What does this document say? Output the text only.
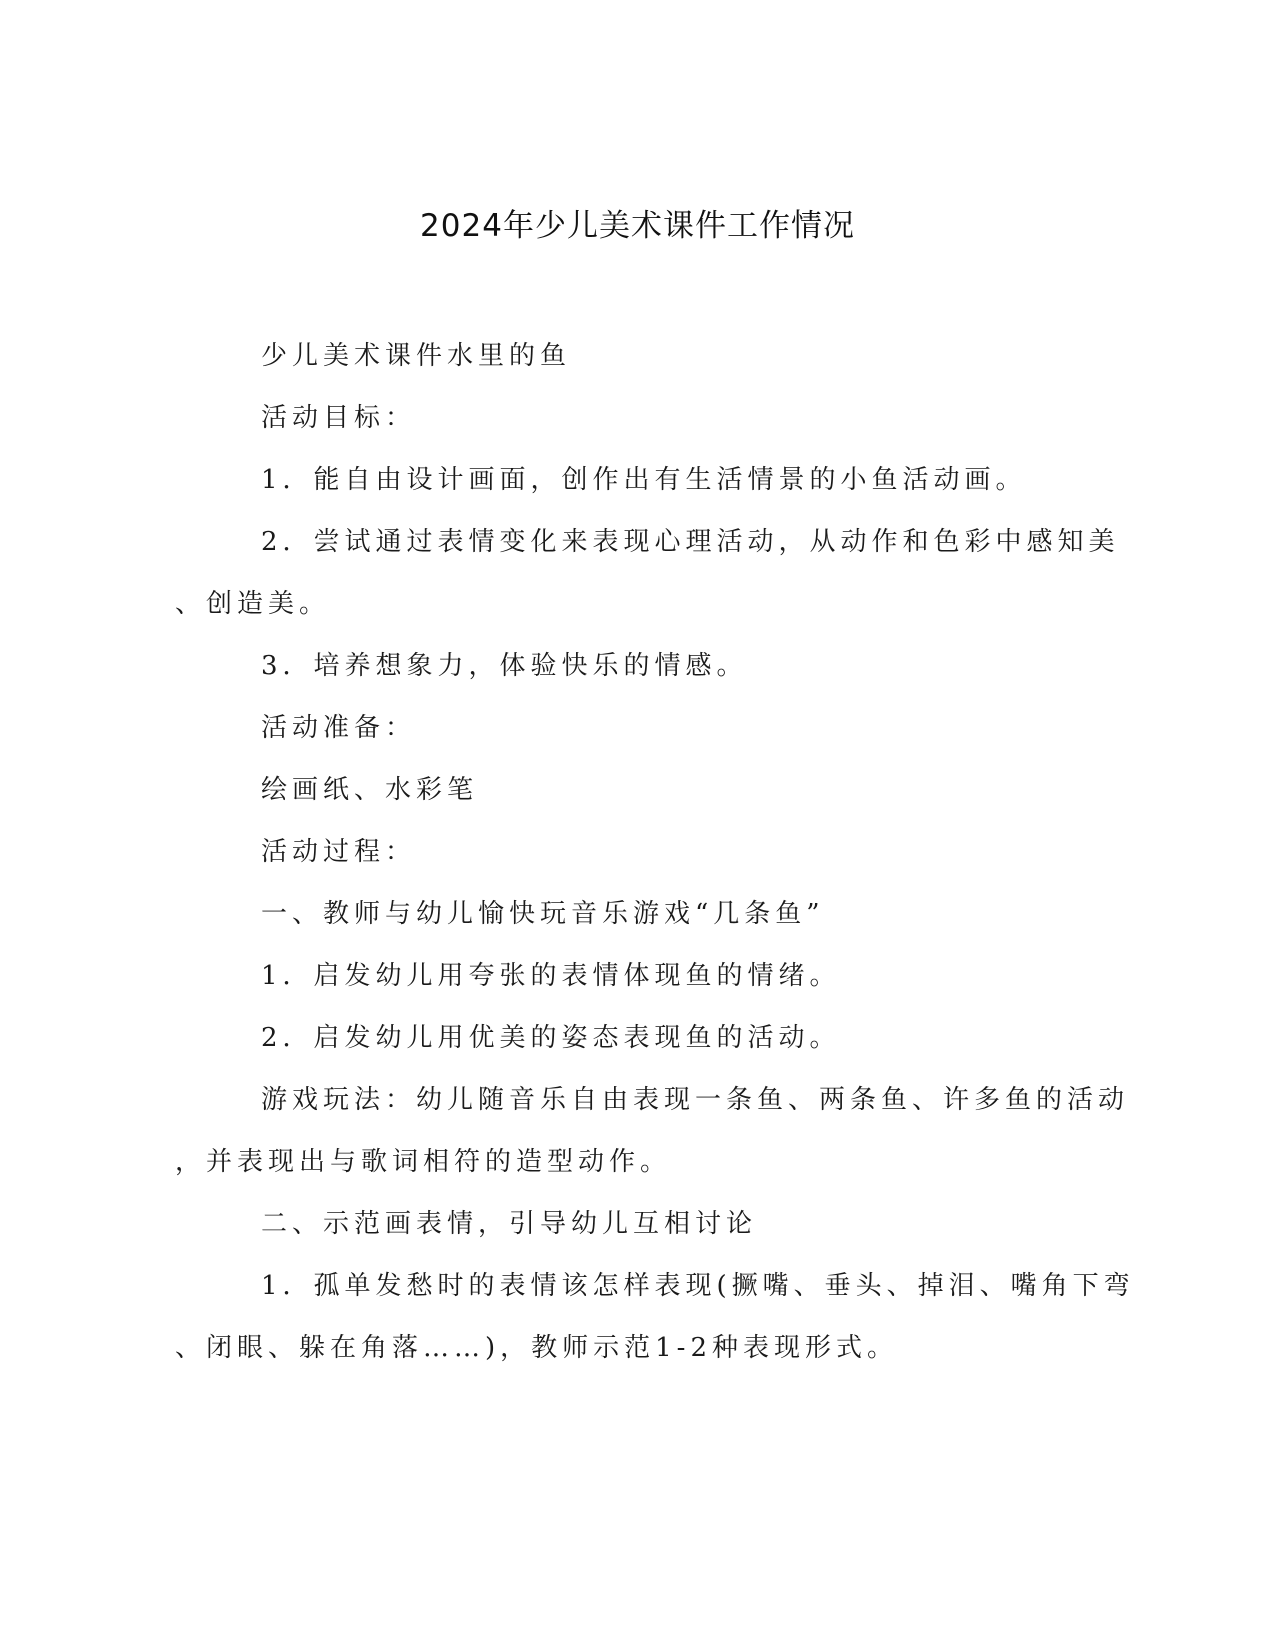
2024年少儿美术课件工作情况

少儿美术课件水里的鱼

活动目标：

1．能自由设计画面，创作出有生活情景的小鱼活动画。

2．尝试通过表情变化来表现心理活动，从动作和色彩中感知美

、创造美。

3．培养想象力，体验快乐的情感。

活动准备：

绘画纸、水彩笔

活动过程：

一、教师与幼儿愉快玩音乐游戏“几条鱼”

1．启发幼儿用夸张的表情体现鱼的情绪。

2．启发幼儿用优美的姿态表现鱼的活动。

游戏玩法：幼儿随音乐自由表现一条鱼、两条鱼、许多鱼的活动

，并表现出与歌词相符的造型动作。

二、示范画表情，引导幼儿互相讨论

1．孤单发愁时的表情该怎样表现(撅嘴、垂头、掉泪、嘴角下弯

、闭眼、躲在角落……)，教师示范1-2种表现形式。
